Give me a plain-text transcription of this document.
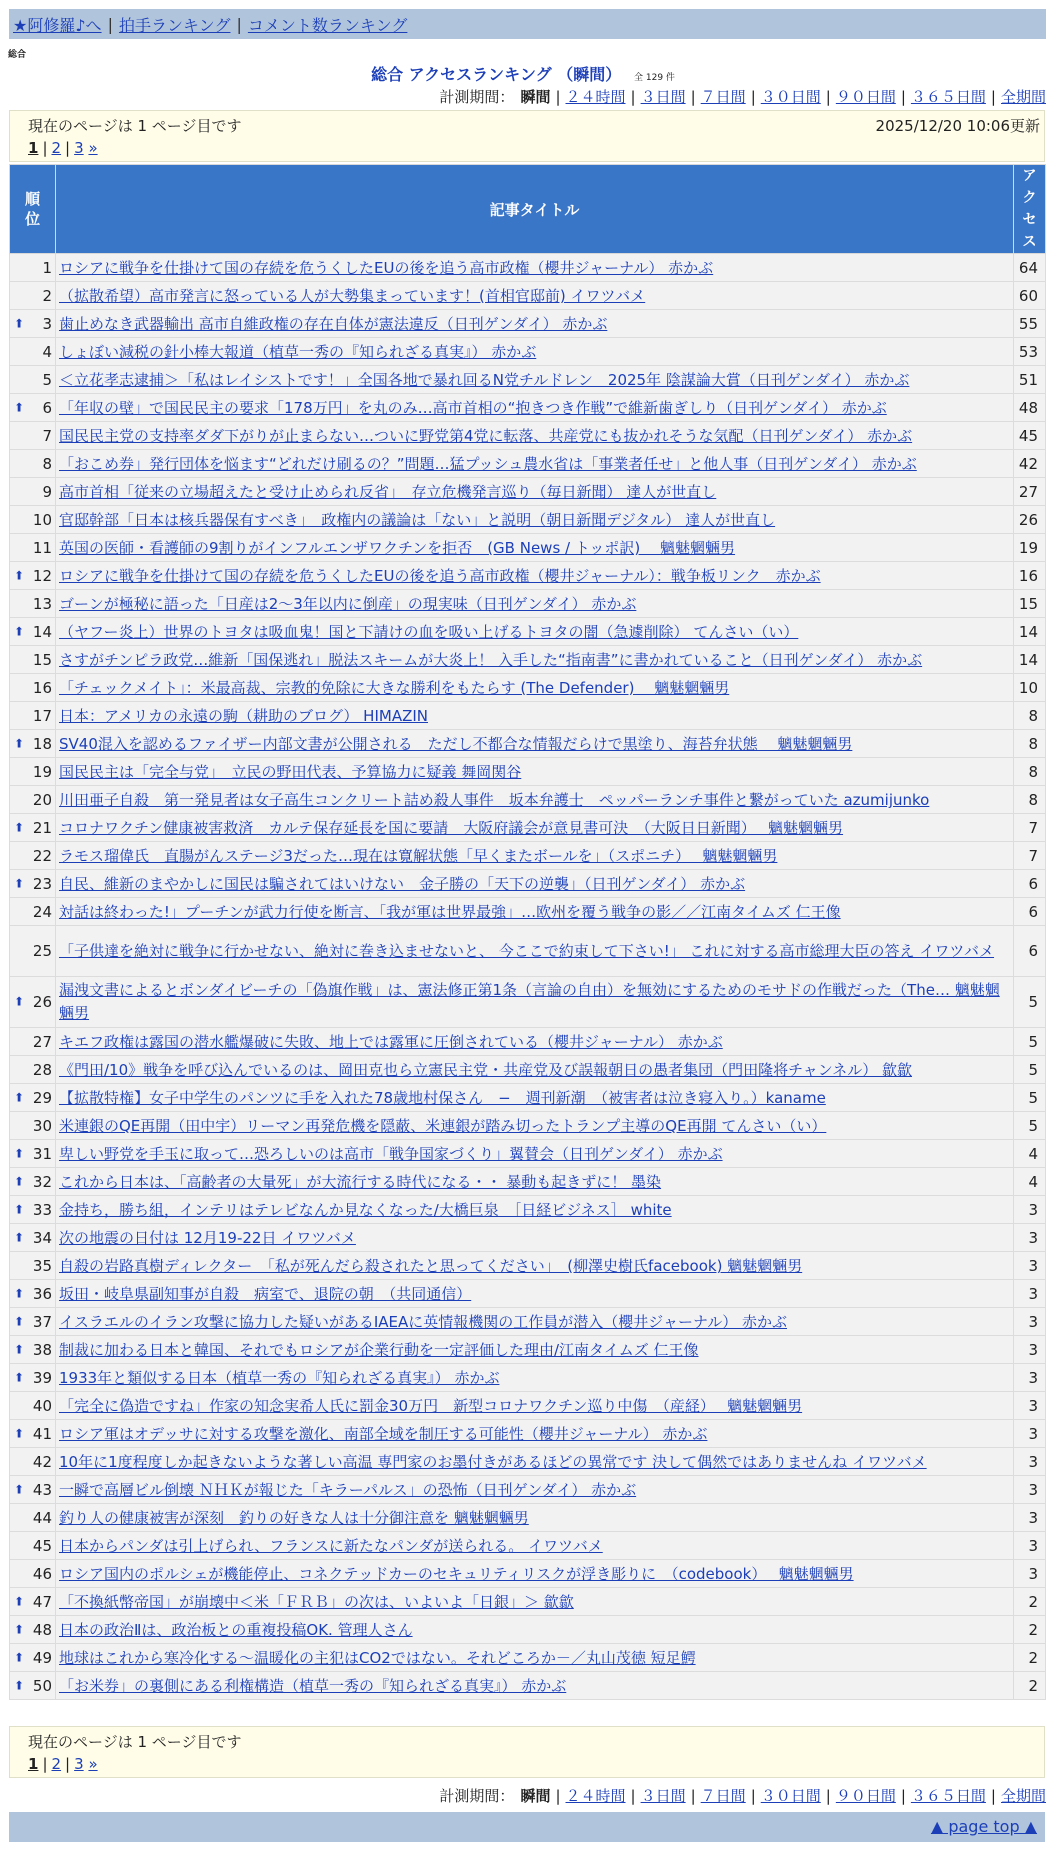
★阿修羅♪へ | 拍手ランキング | コメント数ランキング
総合
総合 アクセスランキング （瞬間） 全 129 件
計測期間： 瞬間 | ２４時間 | ３日間 | ７日間 | ３０日間 | ９０日間 | ３６５日間 | 全期間
現在のページは 1 ページ目です	2025/12/20 10:06更新
1 | 2 | 3 »
順位	記事タイトル	アクセス
1	ロシアに戦争を仕掛けて国の存続を危うくしたEUの後を追う高市政権（櫻井ジャーナル） 赤かぶ	64
2	（拡散希望）高市発言に怒っている人が大勢集まっています！(首相官邸前) イワツバメ	60

⬆ 3	歯止めなき武器輸出 高市自維政権の存在自体が憲法違反（日刊ゲンダイ） 赤かぶ	55
4	しょぼい減税の針小棒大報道（植草一秀の『知られざる真実』） 赤かぶ	53
5	＜立花孝志逮捕＞「私はレイシストです！」全国各地で暴れ回るN党チルドレン　2025年 陰謀論大賞（日刊ゲンダイ） 赤かぶ	51

⬆ 6	「年収の壁」で国民民主の要求「178万円」を丸のみ…高市首相の“抱きつき作戦”で維新歯ぎしり（日刊ゲンダイ） 赤かぶ	48
7	国民民主党の支持率ダダ下がりが止まらない…ついに野党第4党に転落、共産党にも抜かれそうな気配（日刊ゲンダイ） 赤かぶ	45
8	「おこめ券」発行団体を悩ます“どれだけ刷るの？”問題…猛プッシュ農水省は「事業者任せ」と他人事（日刊ゲンダイ） 赤かぶ	42
9	高市首相「従来の立場超えたと受け止められ反省」　存立危機発言巡り（毎日新聞） 達人が世直し	27
10	官邸幹部「日本は核兵器保有すべき」　政権内の議論は「ない」と説明（朝日新聞デジタル） 達人が世直し	26
11	英国の医師・看護師の9割りがインフルエンザワクチンを拒否　(GB News / トッポ訳)　 魑魅魍魎男	19

⬆ 12	ロシアに戦争を仕掛けて国の存続を危うくしたEUの後を追う高市政権（櫻井ジャーナル）：戦争板リンク　赤かぶ	16
13	ゴーンが極秘に語った「日産は2～3年以内に倒産」の現実味（日刊ゲンダイ） 赤かぶ	15

⬆ 14	（ヤフー炎上）世界のトヨタは吸血鬼！国と下請けの血を吸い上げるトヨタの闇（急遽削除） てんさい（い）	14
15	さすがチンピラ政党…維新「国保逃れ」脱法スキームが大炎上！ 入手した“指南書”に書かれていること（日刊ゲンダイ） 赤かぶ	14
16	「チェックメイト」：米最高裁、宗教的免除に大きな勝利をもたらす (The Defender)　 魑魅魍魎男	10
17	日本：アメリカの永遠の駒（耕助のブログ） HIMAZIN	8

⬆ 18	SV40混入を認めるファイザー内部文書が公開される　ただし不都合な情報だらけで黒塗り、海苔弁状態　 魑魅魍魎男	8
19	国民民主は「完全与党」　立民の野田代表、予算協力に疑義 舞岡関谷	8
20	川田亜子自殺　第一発見者は女子高生コンクリート詰め殺人事件　坂本弁護士　ペッパーランチ事件と繋がっていた azumijunko	8

⬆ 21	コロナワクチン健康被害救済　カルテ保存延長を国に要請　大阪府議会が意見書可決　（大阪日日新聞）　 魑魅魍魎男	7
22	ラモス瑠偉氏　直腸がんステージ3だった…現在は寛解状態「早くまたボールを」（スポニチ）　 魑魅魍魎男	7

⬆ 23	自民、維新のまやかしに国民は騙されてはいけない　金子勝の「天下の逆襲」（日刊ゲンダイ） 赤かぶ	6
24	対話は終わった!」プーチンが武力行使を断言、「我が軍は世界最強」…欧州を覆う戦争の影／／江南タイムズ 仁王像	6
25	「子供達を絶対に戦争に行かせない、絶対に巻き込ませないと、 今ここで約束して下さい!」 これに対する高市総理大臣の答え イワツバメ	6

⬆ 26	漏洩文書によるとボンダイビーチの「偽旗作戦」は、憲法修正第1条（言論の自由）を無効にするためのモサドの作戦だった（The… 魑魅魍魎男	5
27	キエフ政権は露国の潜水艦爆破に失敗、地上では露軍に圧倒されている（櫻井ジャーナル） 赤かぶ	5
28	《門田/10》戦争を呼び込んでいるのは、岡田克也ら立憲民主党・共産党及び誤報朝日の愚者集団（門田隆将チャンネル） 歙歙	5

⬆ 29	【拡散特権】女子中学生のパンツに手を入れた78歳地村保さん　−　週刊新潮　（被害者は泣き寝入り。）kaname	5
30	米連銀のQE再開（田中宇）リーマン再発危機を隠蔽、米連銀が踏み切ったトランプ主導のQE再開 てんさい（い）	5

⬆ 31	卑しい野党を手玉に取って…恐ろしいのは高市「戦争国家づくり」翼賛会（日刊ゲンダイ） 赤かぶ	4

⬆ 32	これから日本は、「高齢者の大量死」が大流行する時代になる・・ 暴動も起きずに！ 墨染	4

⬆ 33	金持ち，勝ち組，インテリはテレビなんか見なくなった/大橋巨泉　［日経ビジネス］ white	3

⬆ 34	次の地震の日付は 12月19-22日 イワツバメ	3
35	自殺の岩路真樹ディレクター　「私が死んだら殺されたと思ってください」　(柳澤史樹氏facebook) 魑魅魍魎男	3

⬆ 36	坂田・岐阜県副知事が自殺　病室で、退院の朝　（共同通信）	3

⬆ 37	イスラエルのイラン攻撃に協力した疑いがあるIAEAに英情報機関の工作員が潜入（櫻井ジャーナル） 赤かぶ	3

⬆ 38	制裁に加わる日本と韓国、それでもロシアが企業行動を一定評価した理由/江南タイムズ 仁王像	3

⬆ 39	1933年と類似する日本（植草一秀の『知られざる真実』） 赤かぶ	3
40	「完全に偽造ですね」作家の知念実希人氏に罰金30万円　新型コロナワクチン巡り中傷　（産経）　 魑魅魍魎男	3

⬆ 41	ロシア軍はオデッサに対する攻撃を激化、南部全域を制圧する可能性（櫻井ジャーナル） 赤かぶ	3
42	10年に1度程度しか起きないような著しい高温 専門家のお墨付きがあるほどの異常です 決して偶然ではありませんね イワツバメ	3

⬆ 43	一瞬で高層ビル倒壊 ＮＨＫが報じた「キラーパルス」の恐怖（日刊ゲンダイ） 赤かぶ	3
44	釣り人の健康被害が深刻　釣りの好きな人は十分御注意を 魑魅魍魎男	3
45	日本からパンダは引上げられ、フランスに新たなパンダが送られる。 イワツバメ	3
46	ロシア国内のポルシェが機能停止、コネクテッドカーのセキュリティリスクが浮き彫りに　（codebook）　 魑魅魍魎男	3

⬆ 47	「不換紙幣帝国」が崩壊中＜米「ＦＲＢ」の次は、いよいよ「日銀」＞ 歙歙	2

⬆ 48	日本の政治Ⅱは、政治板との重複投稿OK. 管理人さん	2

⬆ 49	地球はこれから寒冷化する〜温暖化の主犯はCO2ではない。それどころか－／丸山茂徳 短足鰐	2

⬆ 50	「お米券」の裏側にある利権構造（植草一秀の『知られざる真実』） 赤かぶ	2
現在のページは 1 ページ目です
1 | 2 | 3 »
計測期間： 瞬間 | ２４時間 | ３日間 | ７日間 | ３０日間 | ９０日間 | ３６５日間 | 全期間
▲ page top ▲
